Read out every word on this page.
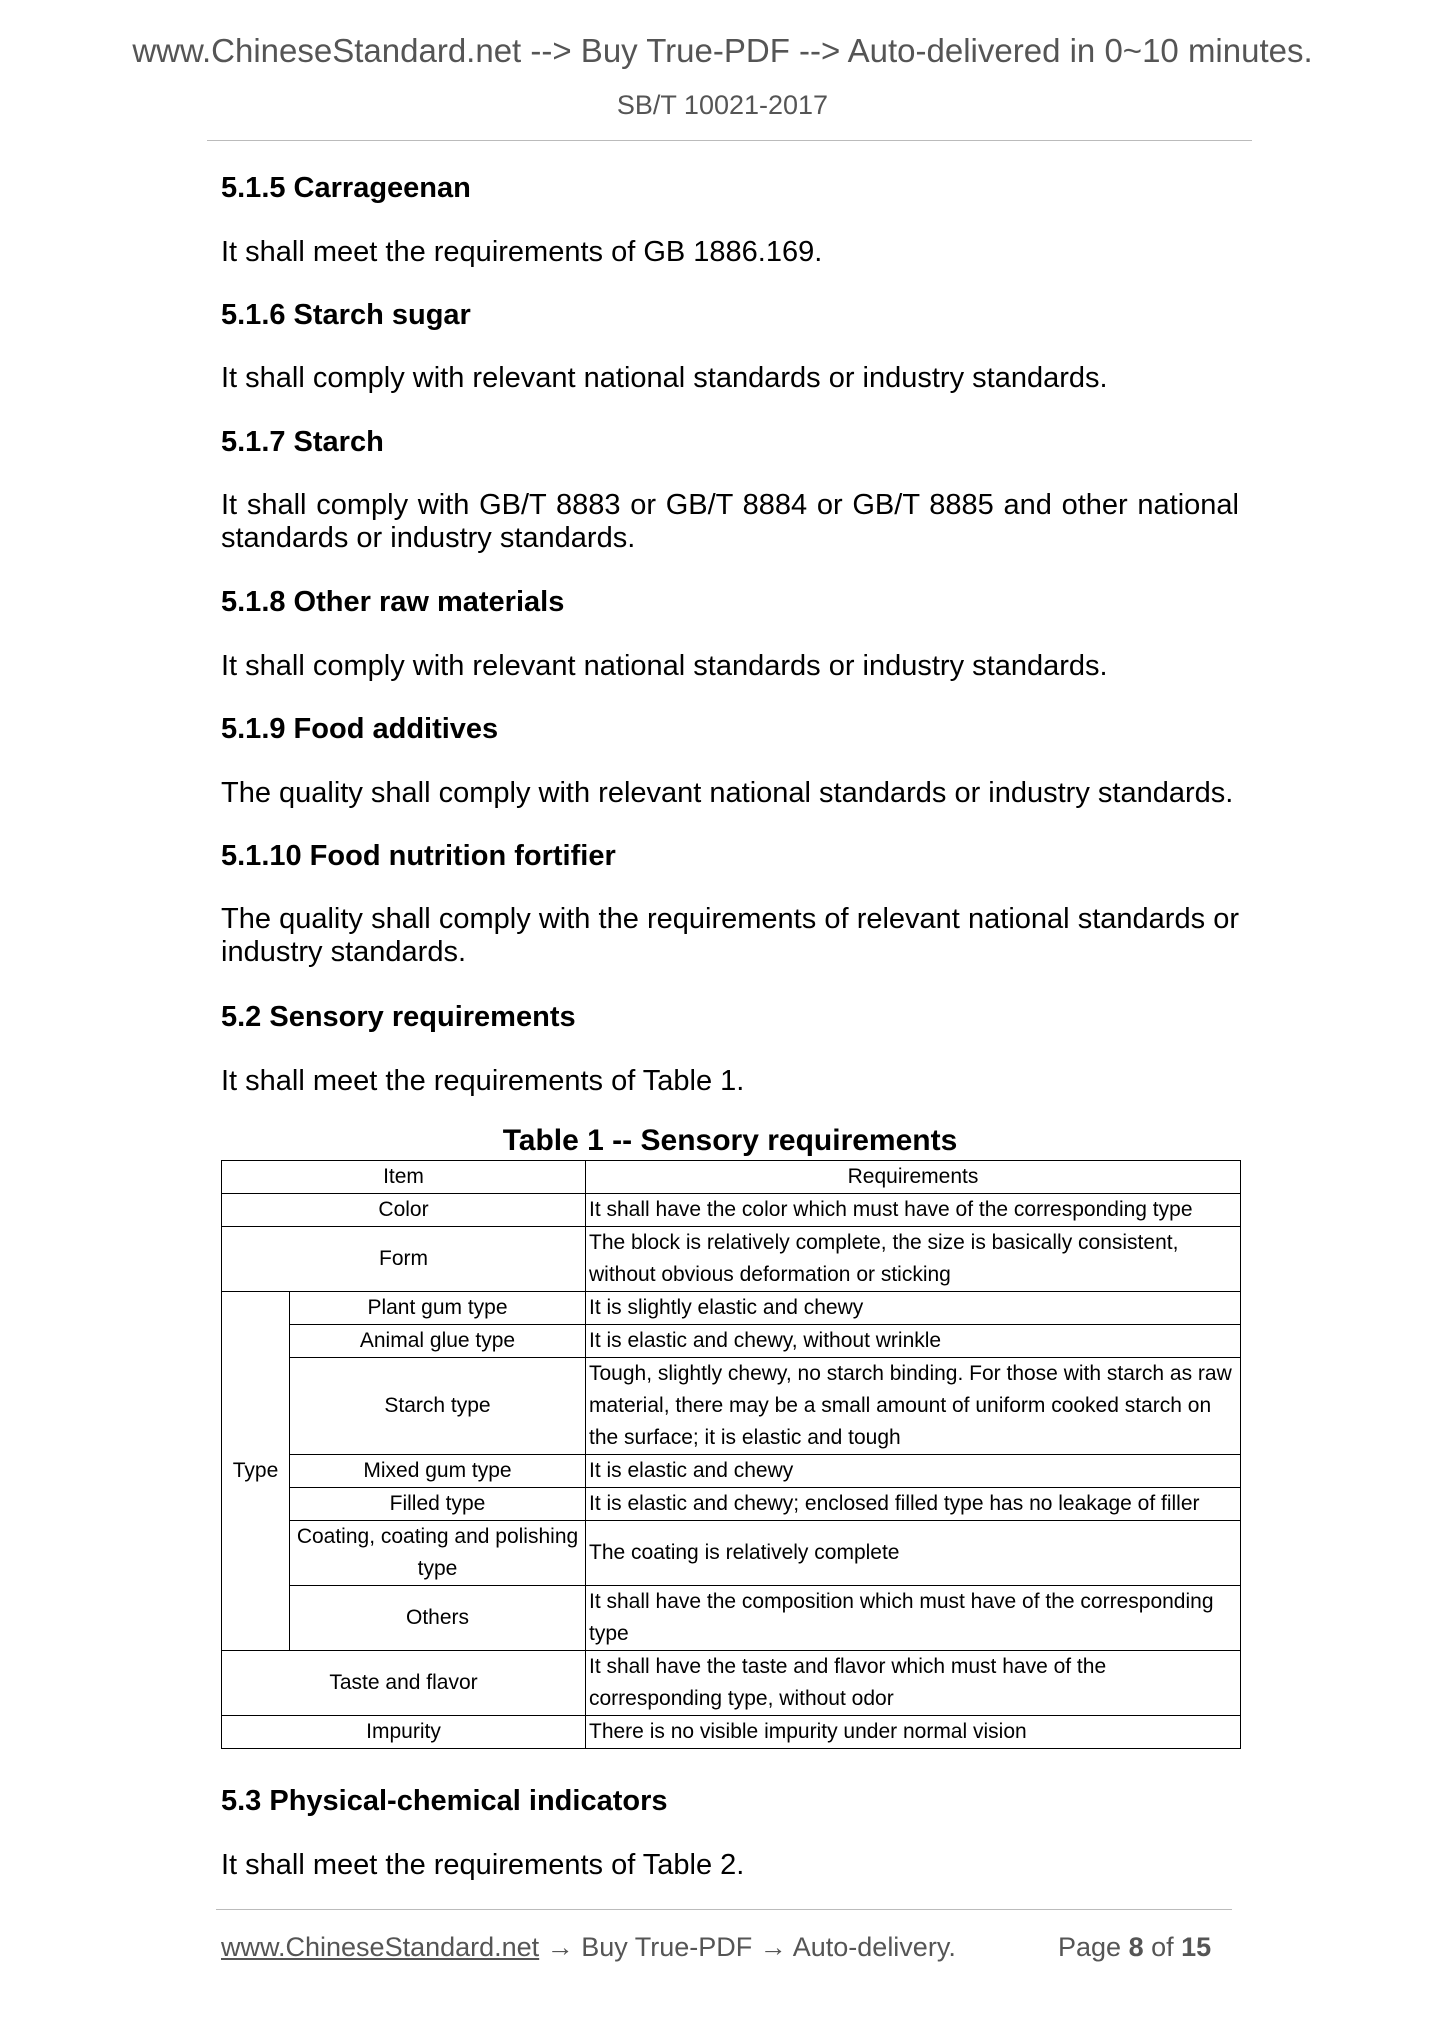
www.ChineseStandard.net --> Buy True-PDF --> Auto-delivered in 0~10 minutes.
SB/T 10021-2017
5.1.5 Carrageenan
It shall meet the requirements of GB 1886.169.
5.1.6 Starch sugar
It shall comply with relevant national standards or industry standards.
5.1.7 Starch
It shall comply with GB/T 8883 or GB/T 8884 or GB/T 8885 and other national standards or industry standards.
5.1.8 Other raw materials
It shall comply with relevant national standards or industry standards.
5.1.9 Food additives
The quality shall comply with relevant national standards or industry standards.
5.1.10 Food nutrition fortifier
The quality shall comply with the requirements of relevant national standards or industry standards.
5.2 Sensory requirements
It shall meet the requirements of Table 1.
Table 1 -- Sensory requirements
Item		Requirements
Color		It shall have the color which must have of the corresponding type
Form		The block is relatively complete, the size is basically consistent, without obvious deformation or sticking
Type	Plant gum type	It is slightly elastic and chewy
	Animal glue type	It is elastic and chewy, without wrinkle
	Starch type	Tough, slightly chewy, no starch binding. For those with starch as raw material, there may be a small amount of uniform cooked starch on the surface; it is elastic and tough
	Mixed gum type	It is elastic and chewy
	Filled type	It is elastic and chewy; enclosed filled type has no leakage of filler
	Coating, coating and polishing type	The coating is relatively complete
	Others	It shall have the composition which must have of the corresponding type
Taste and flavor		It shall have the taste and flavor which must have of the corresponding type, without odor
Impurity		There is no visible impurity under normal vision
5.3 Physical-chemical indicators
It shall meet the requirements of Table 2.
www.ChineseStandard.net → Buy True-PDF → Auto-delivery.	Page 8 of 15
